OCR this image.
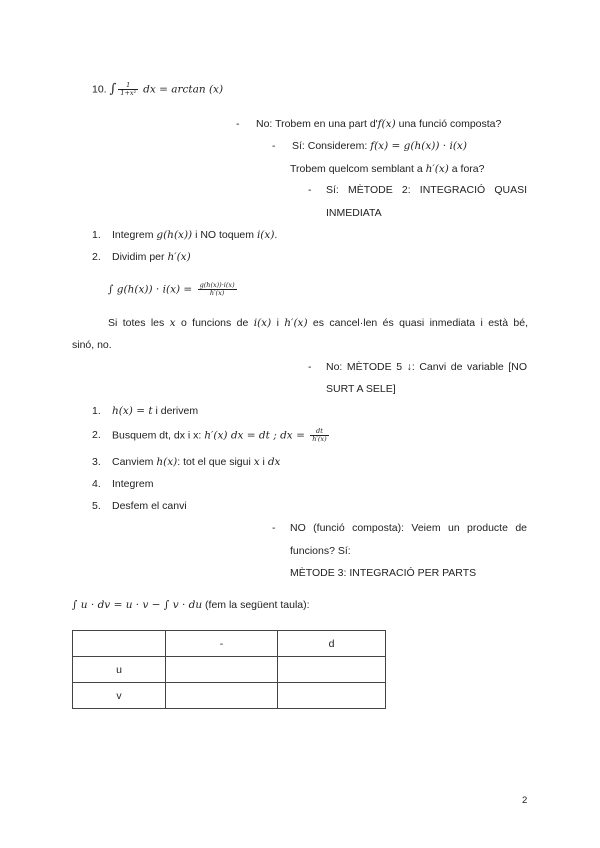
10. ∫ $\frac{1}{\text{1+x²}}$ dx = arctan (x)
- No: Trobem en una part d'f(x) una funció composta?
- Sí: Considerem: f(x) = g(h(x)) · i(x)
Trobem quelcom semblant a h′(x) a fora?
-	Sí: MÈTODE 2: INTEGRACIÓ QUASI
INMEDIATA
1. Integrem g(h(x)) i NO toquem i(x).
2. Dividim per h′(x)
∫ $g(h(x)) \cdot i(x) = \frac{g(h(x))\cdot i(x)}{h'(x)}$
Si totes les x o funcions de i(x) i h′(x) es cancel·len és quasi inmediata i està bé,
sinó, no.
-	No: MÈTODE 5 ↓: Canvi de variable [NO
SURT A SELE]
1. h(x) = t i derivem
2. Busquem dt, dx i x: h′(x) dx = dt ; dx = $\frac{dt}{h'(x)}$
3. Canviem h(x): tot el que sigui x i dx
4. Integrem
5. Desfem el canvi
-	NO (funció composta): Veiem un producte de
funcions? Sí:
MÈTODE 3: INTEGRACIÓ PER PARTS
∫ u · dv = u · v − ∫ v · du (fem la següent taula):
	-	d
u		
v		
2
